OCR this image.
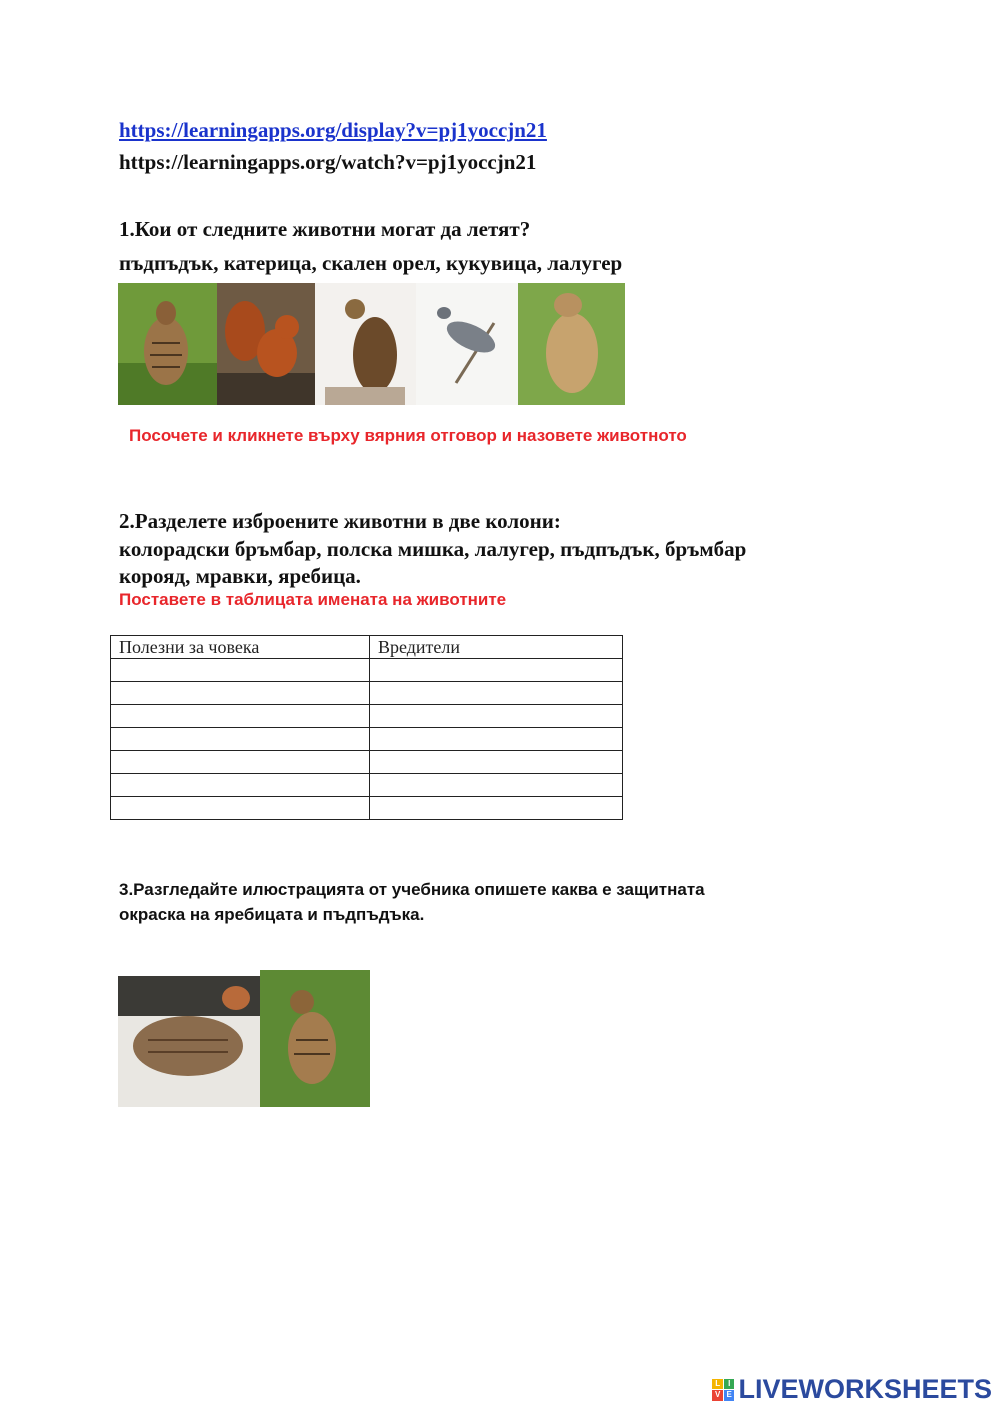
https://learningapps.org/display?v=pj1yoccjn21
https://learningapps.org/watch?v=pj1yoccjn21
1.Кои от следните животни могат да летят?
пъдпъдък, катерица, скален орел, кукувица, лалугер
Посочете и кликнете върху вярния отговор и назовете животното
2.Разделете изброените животни в две колони:
колорадски бръмбар, полска мишка, лалугер, пъдпъдък, бръмбар
корояд, мравки, яребица.
Поставете в таблицата имената на животните
Полезни за човека	Вредители

3.Разгледайте илюстрацията от учебника опишете каква е защитната
окраска на яребицата и пъдпъдъка.
L I
V E LIVEWORKSHEETS
